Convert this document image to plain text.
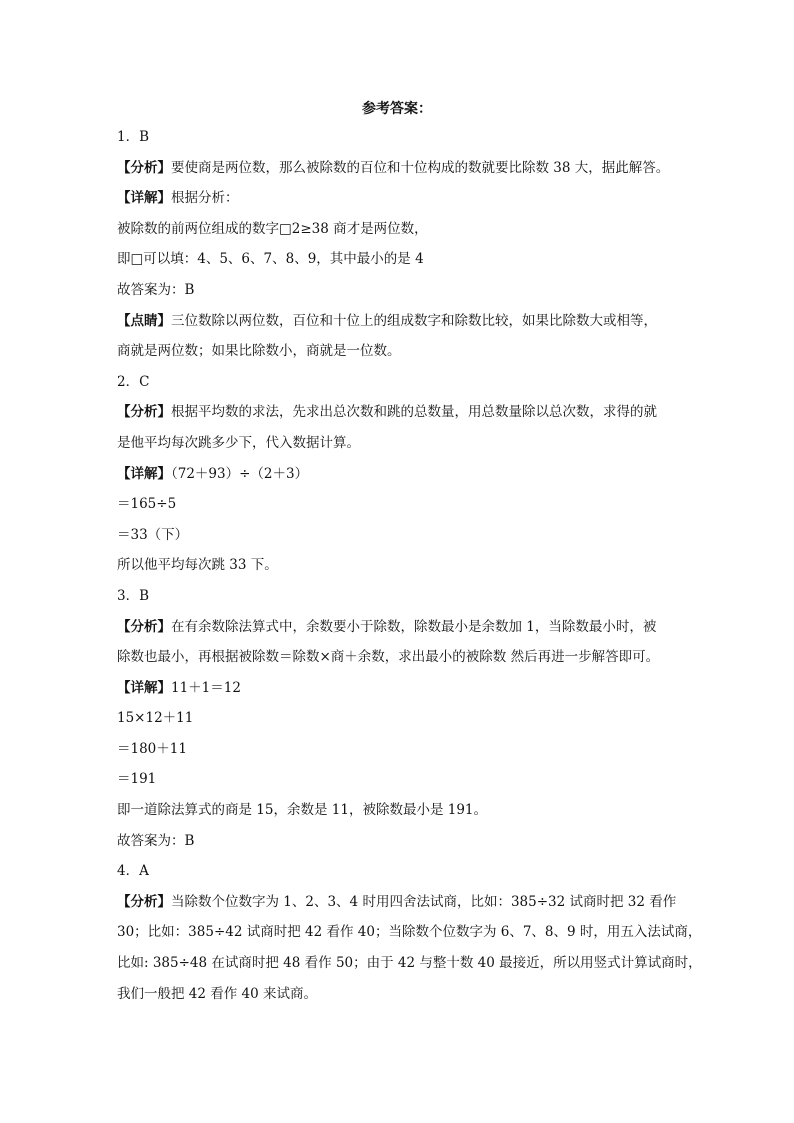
参考答案：
1．B
【分析】要使商是两位数，那么被除数的百位和十位构成的数就要比除数 38 大，据此解答。
【详解】根据分析：
被除数的前两位组成的数字□2≥38 商才是两位数，
即□可以填：4、5、6、7、8、9，其中最小的是 4
故答案为：B
【点睛】三位数除以两位数，百位和十位上的组成数字和除数比较，如果比除数大或相等，
商就是两位数；如果比除数小，商就是一位数。
2．C
【分析】根据平均数的求法，先求出总次数和跳的总数量，用总数量除以总次数，求得的就
是他平均每次跳多少下，代入数据计算。
【详解】（72＋93）÷（2＋3）
＝165÷5
＝33（下）
所以他平均每次跳 33 下。
3．B
【分析】在有余数除法算式中，余数要小于除数，除数最小是余数加 1，当除数最小时，被
除数也最小，再根据被除数＝除数×商＋余数，求出最小的被除数 然后再进一步解答即可。
【详解】11＋1＝12
15×12＋11
＝180＋11
＝191
即一道除法算式的商是 15，余数是 11，被除数最小是 191。
故答案为：B
4．A
【分析】当除数个位数字为 1、2、3、4 时用四舍法试商，比如：385÷32 试商时把 32 看作
30；比如：385÷42 试商时把 42 看作 40；当除数个位数字为 6、7、8、9 时，用五入法试商，
比如: 385÷48 在试商时把 48 看作 50；由于 42 与整十数 40 最接近，所以用竖式计算试商时，
我们一般把 42 看作 40 来试商。
